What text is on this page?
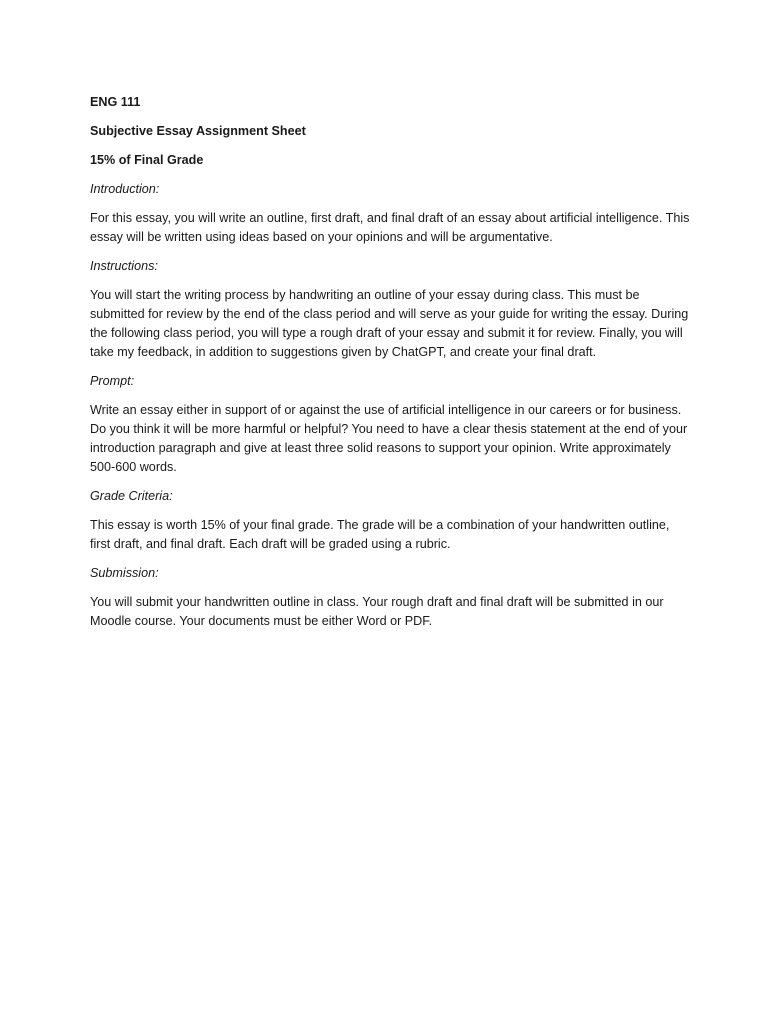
ENG 111

Subjective Essay Assignment Sheet

15% of Final Grade

Introduction:

For this essay, you will write an outline, first draft, and final draft of an essay about artificial intelligence. This essay will be written using ideas based on your opinions and will be argumentative.

Instructions:

You will start the writing process by handwriting an outline of your essay during class. This must be submitted for review by the end of the class period and will serve as your guide for writing the essay. During the following class period, you will type a rough draft of your essay and submit it for review. Finally, you will take my feedback, in addition to suggestions given by ChatGPT, and create your final draft.

Prompt:

Write an essay either in support of or against the use of artificial intelligence in our careers or for business. Do you think it will be more harmful or helpful? You need to have a clear thesis statement at the end of your introduction paragraph and give at least three solid reasons to support your opinion. Write approximately 500-600 words.

Grade Criteria:

This essay is worth 15% of your final grade. The grade will be a combination of your handwritten outline, first draft, and final draft. Each draft will be graded using a rubric.

Submission:

You will submit your handwritten outline in class. Your rough draft and final draft will be submitted in our Moodle course. Your documents must be either Word or PDF.
